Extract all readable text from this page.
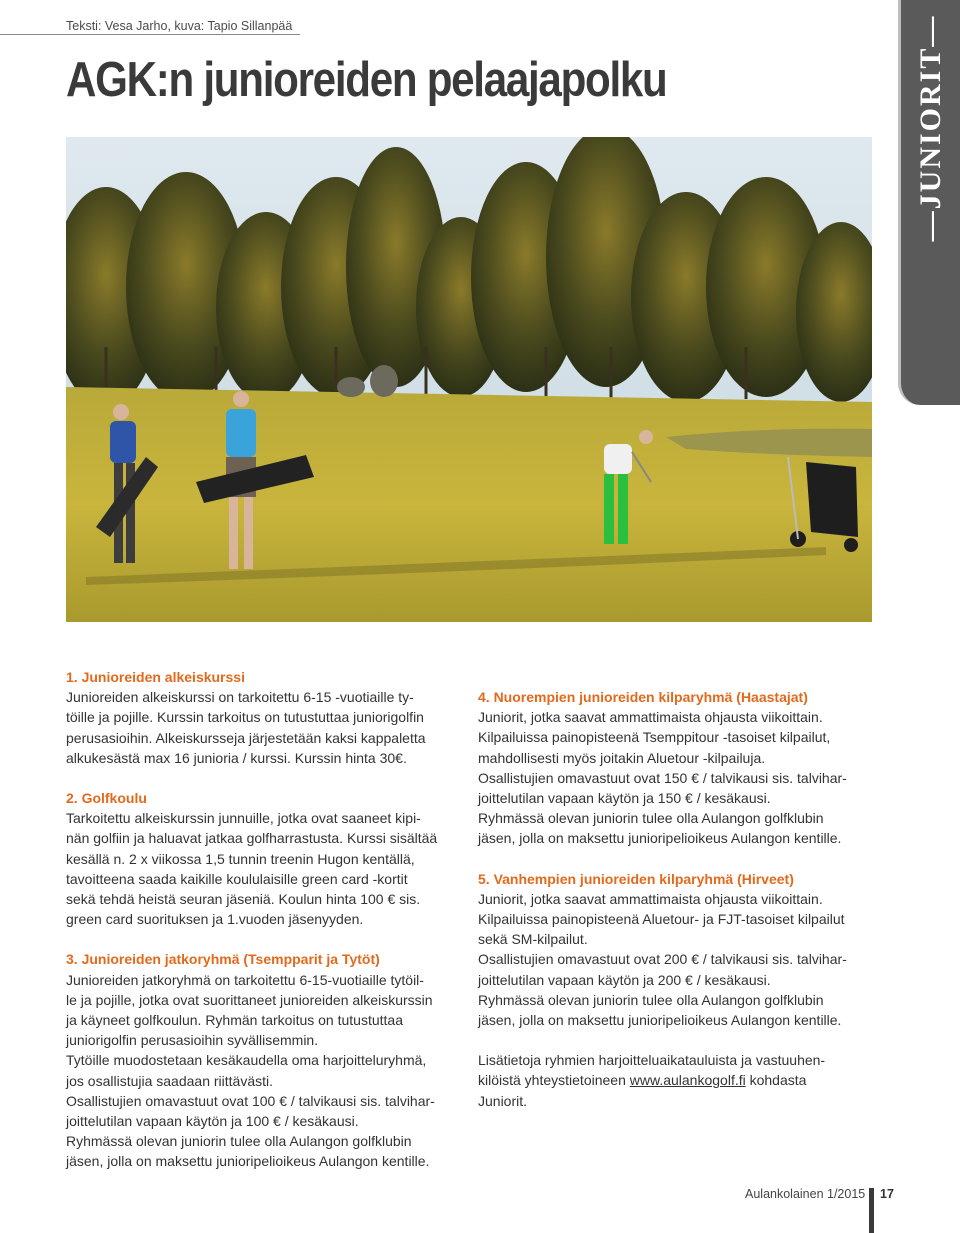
Teksti: Vesa Jarho, kuva: Tapio Sillanpää
AGK:n junioreiden pelaajapolku	—JUNIORIT—
1. Junioreiden alkeiskurssi
Junioreiden alkeiskurssi on tarkoitettu 6-15 -vuotiaille ty-
töille ja pojille. Kurssin tarkoitus on tutustuttaa juniorigolfin
perusasioihin. Alkeiskursseja järjestetään kaksi kappaletta
alkukesästä max 16 junioria / kurssi. Kurssin hinta 30€.
2. Golfkoulu
Tarkoitettu alkeiskurssin junnuille, jotka ovat saaneet kipi-
nän golfiin ja haluavat jatkaa golfharrastusta. Kurssi sisältää
kesällä n. 2 x viikossa 1,5 tunnin treenin Hugon kentällä,
tavoitteena saada kaikille koululaisille green card -kortit
sekä tehdä heistä seuran jäseniä. Koulun hinta 100 € sis.
green card suorituksen ja 1.vuoden jäsenyyden.
3. Junioreiden jatkoryhmä (Tsempparit ja Tytöt)
Junioreiden jatkoryhmä on tarkoitettu 6-15-vuotiaille tytöil-
le ja pojille, jotka ovat suorittaneet junioreiden alkeiskurssin
ja käyneet golfkoulun. Ryhmän tarkoitus on tutustuttaa
juniorigolfin perusasioihin syvällisemmin.
Tytöille muodostetaan kesäkaudella oma harjoitteluryhmä,
jos osallistujia saadaan riittävästi.
Osallistujien omavastuut ovat 100 € / talvikausi sis. talvihar-
joittelutilan vapaan käytön ja 100 € / kesäkausi.
Ryhmässä olevan juniorin tulee olla Aulangon golfklubin
jäsen, jolla on maksettu junioripelioikeus Aulangon kentille.
4. Nuorempien junioreiden kilparyhmä (Haastajat)
Juniorit, jotka saavat ammattimaista ohjausta viikoittain.
Kilpailuissa painopisteenä Tsemppitour -tasoiset kilpailut,
mahdollisesti myös joitakin Aluetour -kilpailuja.
Osallistujien omavastuut ovat 150 € / talvikausi sis. talvihar-
joittelutilan vapaan käytön ja 150 € / kesäkausi.
Ryhmässä olevan juniorin tulee olla Aulangon golfklubin
jäsen, jolla on maksettu junioripelioikeus Aulangon kentille.
5. Vanhempien junioreiden kilparyhmä (Hirveet)
Juniorit, jotka saavat ammattimaista ohjausta viikoittain.
Kilpailuissa painopisteenä Aluetour- ja FJT-tasoiset kilpailut
sekä SM-kilpailut.
Osallistujien omavastuut ovat 200 € / talvikausi sis. talvihar-
joittelutilan vapaan käytön ja 200 € / kesäkausi.
Ryhmässä olevan juniorin tulee olla Aulangon golfklubin
jäsen, jolla on maksettu junioripelioikeus Aulangon kentille.
Lisätietoja ryhmien harjoitteluaikatauluista ja vastuuhen-
kilöistä yhteystietoineen www.aulankogolf.fi kohdasta
Juniorit.
Aulankolainen 1/2015 17
